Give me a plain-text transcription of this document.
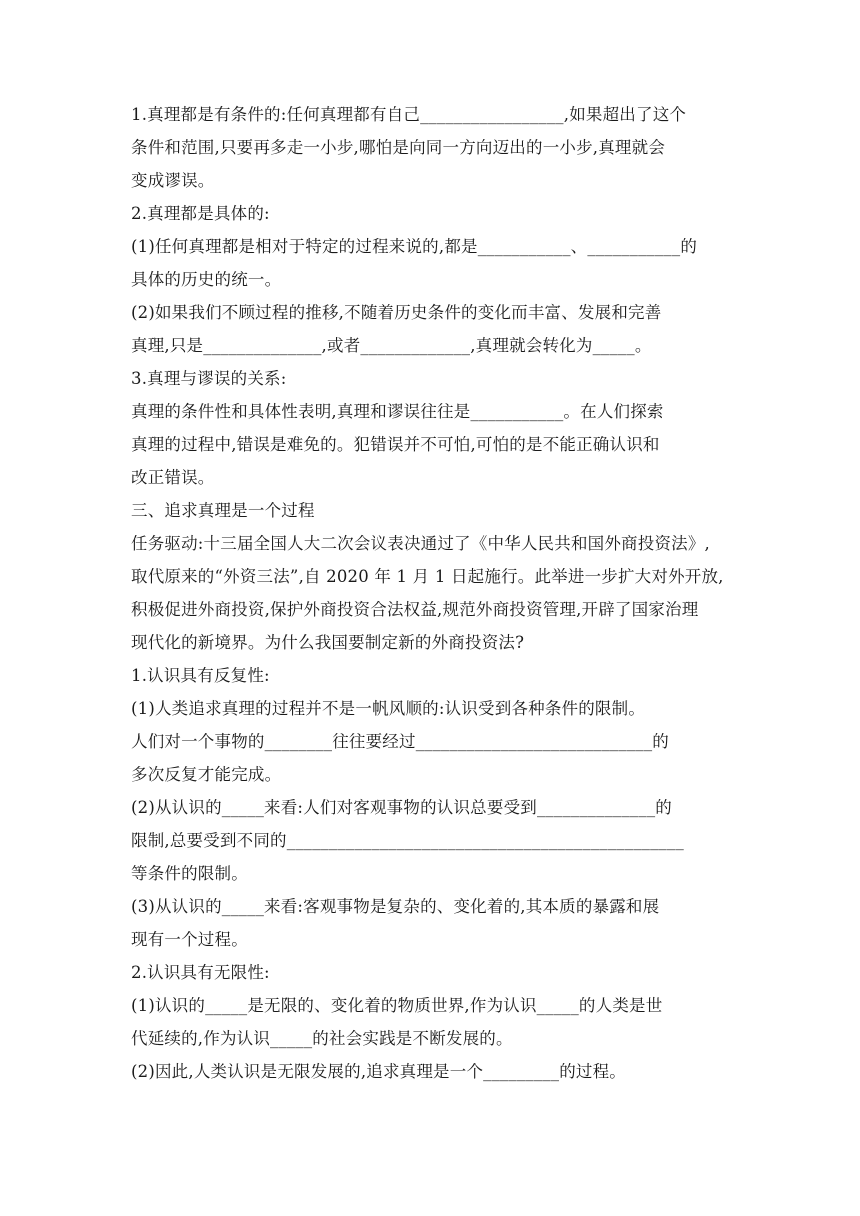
1.真理都是有条件的:任何真理都有自己_________________,如果超出了这个
条件和范围,只要再多走一小步,哪怕是向同一方向迈出的一小步,真理就会
变成谬误。
2.真理都是具体的:
(1)任何真理都是相对于特定的过程来说的,都是___________、___________的
具体的历史的统一。
(2)如果我们不顾过程的推移,不随着历史条件的变化而丰富、发展和完善
真理,只是______________,或者_____________,真理就会转化为_____。
3.真理与谬误的关系:
真理的条件性和具体性表明,真理和谬误往往是___________。在人们探索
真理的过程中,错误是难免的。犯错误并不可怕,可怕的是不能正确认识和
改正错误。
三、追求真理是一个过程
任务驱动:十三届全国人大二次会议表决通过了《中华人民共和国外商投资法》,
取代原来的“外资三法”,自 2020 年 1 月 1 日起施行。此举进一步扩大对外开放,
积极促进外商投资,保护外商投资合法权益,规范外商投资管理,开辟了国家治理
现代化的新境界。为什么我国要制定新的外商投资法?
1.认识具有反复性:
(1)人类追求真理的过程并不是一帆风顺的:认识受到各种条件的限制。
人们对一个事物的________往往要经过____________________________的
多次反复才能完成。
(2)从认识的_____来看:人们对客观事物的认识总要受到______________的
限制,总要受到不同的_______________________________________________
等条件的限制。
(3)从认识的_____来看:客观事物是复杂的、变化着的,其本质的暴露和展
现有一个过程。
2.认识具有无限性:
(1)认识的_____是无限的、变化着的物质世界,作为认识_____的人类是世
代延续的,作为认识_____的社会实践是不断发展的。
(2)因此,人类认识是无限发展的,追求真理是一个_________的过程。
